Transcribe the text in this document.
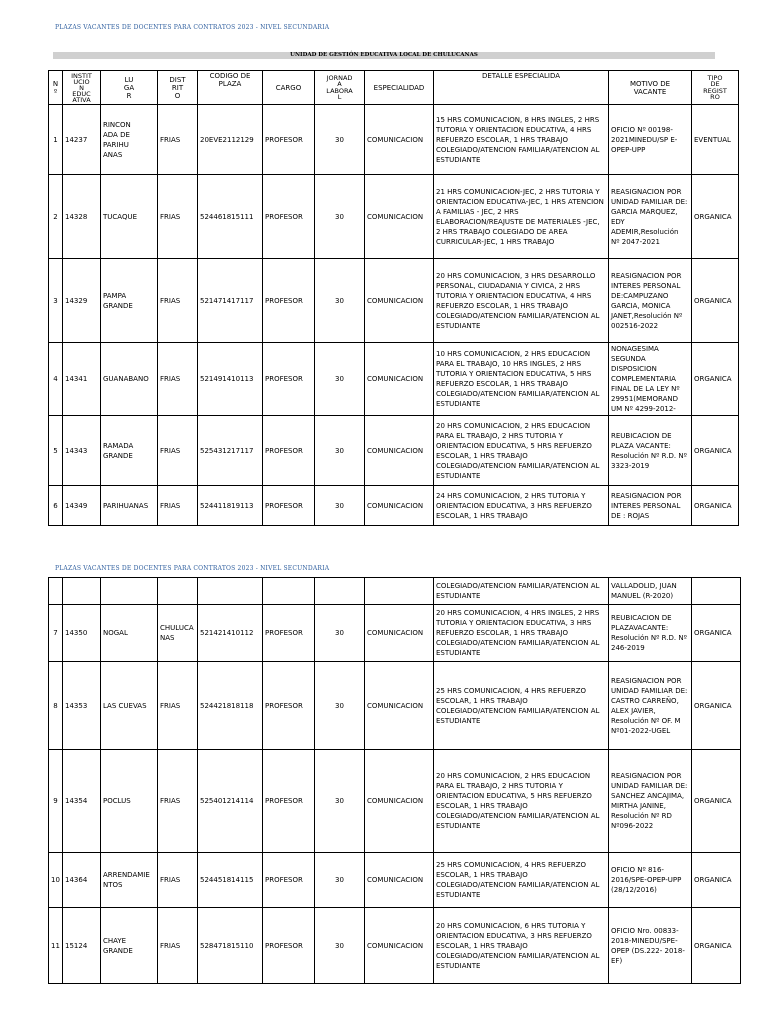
PLAZAS VACANTES DE DOCENTES PARA CONTRATOS 2023 - NIVEL SECUNDARIA
UNIDAD DE GESTIÓN EDUCATIVA LOCAL DE CHULUCANAS
N
º	INSTIT
UCIO
N
EDUC
ATIVA	LU
GA
R	DIST
RIT
O	CODIGO DE
PLAZA	CARGO	JORNAD
A
LABORA
L	ESPECIALIDAD	DETALLE ESPECIALIDA	MOTIVO DE
VACANTE	TIPO
DE
REGIST
RO
1	14237	RINCON
ADA DE
PARIHU
ANAS	FRIAS	20EVE2112129	PROFESOR	30	COMUNICACION	15 HRS COMUNICACION, 8 HRS INGLES, 2 HRS TUTORIA Y ORIENTACION EDUCATIVA, 4 HRS REFUERZO ESCOLAR, 1 HRS TRABAJO COLEGIADO/ATENCION FAMILIAR/ATENCION AL ESTUDIANTE	OFICIO Nº 00198-2021MINEDU/SP E-OPEP-UPP	EVENTUAL
2	14328	TUCAQUE	FRIAS	524461815111	PROFESOR	30	COMUNICACION	21 HRS COMUNICACION-JEC, 2 HRS TUTORIA Y ORIENTACION EDUCATIVA-JEC, 1 HRS ATENCION A FAMILIAS - JEC, 2 HRS ELABORACION/REAJUSTE DE MATERIALES -JEC, 2 HRS TRABAJO COLEGIADO DE AREA CURRICULAR-JEC, 1 HRS TRABAJO	REASIGNACION POR UNIDAD FAMILIAR DE: GARCIA MARQUEZ, EDY ADEMIR,Resolución Nº 2047-2021	ORGANICA
3	14329	PAMPA
GRANDE	FRIAS	521471417117	PROFESOR	30	COMUNICACION	20 HRS COMUNICACION, 3 HRS DESARROLLO PERSONAL, CIUDADANIA Y CIVICA, 2 HRS TUTORIA Y ORIENTACION EDUCATIVA, 4 HRS REFUERZO ESCOLAR, 1 HRS TRABAJO COLEGIADO/ATENCION FAMILIAR/ATENCION AL ESTUDIANTE	REASIGNACION POR INTERES PERSONAL DE:CAMPUZANO GARCIA, MONICA JANET,Resolución Nº 002516-2022	ORGANICA
4	14341	GUANABANO	FRIAS	521491410113	PROFESOR	30	COMUNICACION	10 HRS COMUNICACION, 2 HRS EDUCACION PARA EL TRABAJO, 10 HRS INGLES, 2 HRS TUTORIA Y ORIENTACION EDUCATIVA, 5 HRS REFUERZO ESCOLAR, 1 HRS TRABAJO COLEGIADO/ATENCION FAMILIAR/ATENCION AL ESTUDIANTE	NONAGESIMA SEGUNDA DISPOSICION COMPLEMENTARIA FINAL DE LA LEY Nº 29951(MEMORAND UM Nº 4299-2012-	ORGANICA
5	14343	RAMADA
GRANDE	FRIAS	525431217117	PROFESOR	30	COMUNICACION	20 HRS COMUNICACION, 2 HRS EDUCACION PARA EL TRABAJO, 2 HRS TUTORIA Y ORIENTACION EDUCATIVA, 5 HRS REFUERZO ESCOLAR, 1 HRS TRABAJO COLEGIADO/ATENCION FAMILIAR/ATENCION AL ESTUDIANTE	REUBICACION DE PLAZA VACANTE: Resolución Nº R.D. Nº 3323-2019	ORGANICA
6	14349	PARIHUANAS	FRIAS	524411819113	PROFESOR	30	COMUNICACION	24 HRS COMUNICACION, 2 HRS TUTORIA Y ORIENTACION EDUCATIVA, 3 HRS REFUERZO ESCOLAR, 1 HRS TRABAJO	REASIGNACION POR INTERES PERSONAL DE : ROJAS	ORGANICA
PLAZAS VACANTES DE DOCENTES PARA CONTRATOS 2023 - NIVEL SECUNDARIA
								COLEGIADO/ATENCION FAMILIAR/ATENCION AL ESTUDIANTE	VALLADOLID, JUAN MANUEL (R-2020)	
7	14350	NOGAL	CHULUCA
NAS	521421410112	PROFESOR	30	COMUNICACION	20 HRS COMUNICACION, 4 HRS INGLES, 2 HRS TUTORIA Y ORIENTACION EDUCATIVA, 3 HRS REFUERZO ESCOLAR, 1 HRS TRABAJO COLEGIADO/ATENCION FAMILIAR/ATENCION AL ESTUDIANTE	REUBICACION DE PLAZAVACANTE: Resolución Nº R.D. Nº 246-2019	ORGANICA
8	14353	LAS CUEVAS	FRIAS	524421818118	PROFESOR	30	COMUNICACION	25 HRS COMUNICACION, 4 HRS REFUERZO ESCOLAR, 1 HRS TRABAJO COLEGIADO/ATENCION FAMILIAR/ATENCION AL ESTUDIANTE	REASIGNACION POR UNIDAD FAMILIAR DE: CASTRO CARREÑO, ALEX JAVIER, Resolución Nº OF. M Nº01-2022-UGEL	ORGANICA
9	14354	POCLUS	FRIAS	525401214114	PROFESOR	30	COMUNICACION	20 HRS COMUNICACION, 2 HRS EDUCACION PARA EL TRABAJO, 2 HRS TUTORIA Y ORIENTACION EDUCATIVA, 5 HRS REFUERZO ESCOLAR, 1 HRS TRABAJO COLEGIADO/ATENCION FAMILIAR/ATENCION AL ESTUDIANTE	REASIGNACION POR UNIDAD FAMILIAR DE: SANCHEZ ANCAJIMA, MIRTHA JANINE, Resolución Nº RD Nº096-2022	ORGANICA
10	14364	ARRENDAMIE
NTOS	FRIAS	524451814115	PROFESOR	30	COMUNICACION	25 HRS COMUNICACION, 4 HRS REFUERZO ESCOLAR, 1 HRS TRABAJO COLEGIADO/ATENCION FAMILIAR/ATENCION AL ESTUDIANTE	OFICIO Nº 816-2016/SPE-OPEP-UPP (28/12/2016)	ORGANICA
11	15124	CHAYE
GRANDE	FRIAS	528471815110	PROFESOR	30	COMUNICACION	20 HRS COMUNICACION, 6 HRS TUTORIA Y ORIENTACION EDUCATIVA, 3 HRS REFUERZO ESCOLAR, 1 HRS TRABAJO COLEGIADO/ATENCION FAMILIAR/ATENCION AL ESTUDIANTE	OFICIO Nro. 00833-2018-MINEDU/SPE-OPEP (DS.222- 2018-EF)	ORGANICA
